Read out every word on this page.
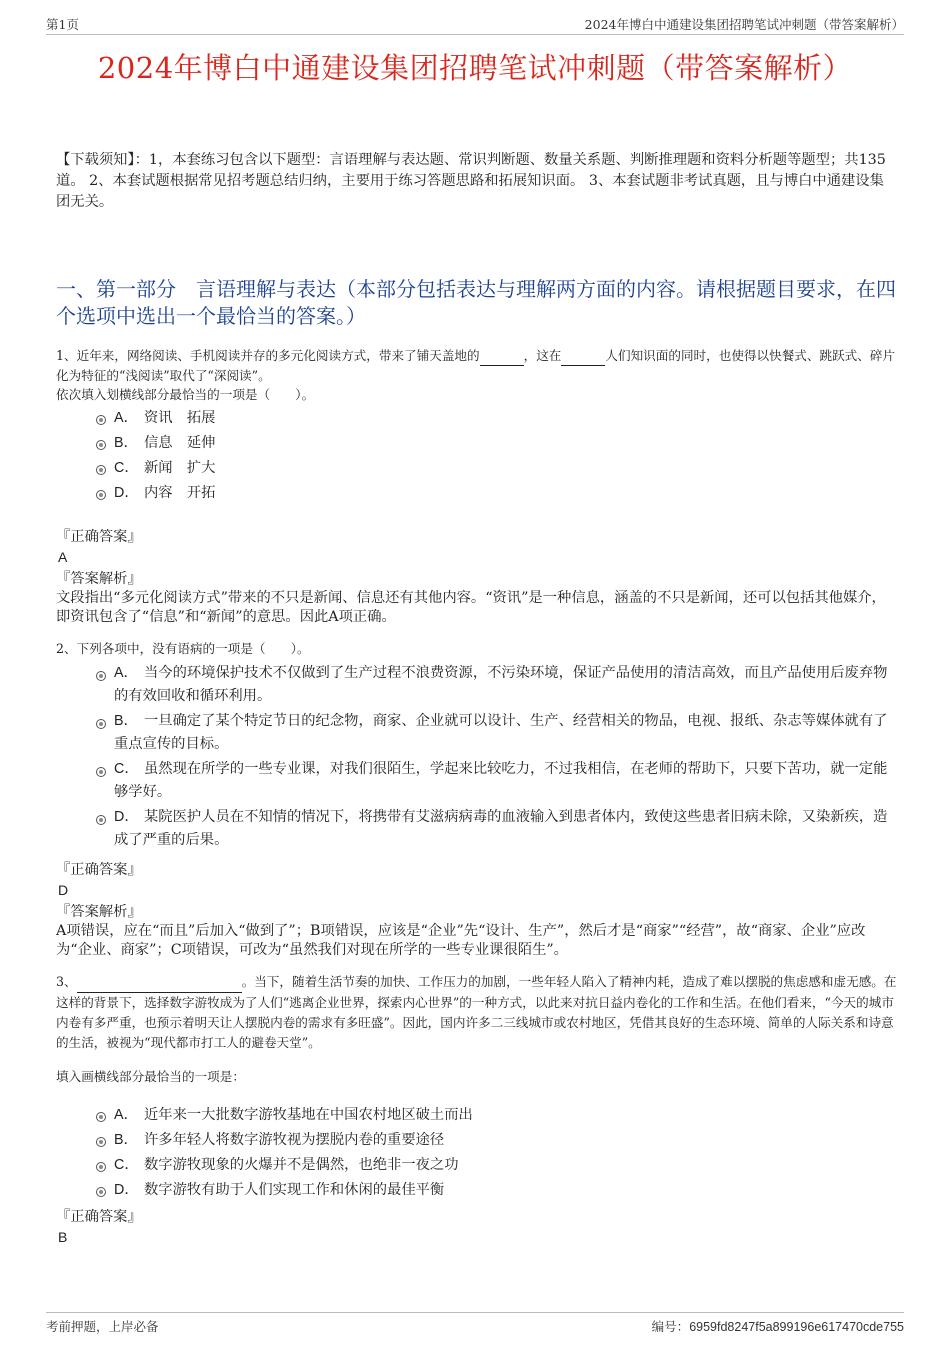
第1页	2024年博白中通建设集团招聘笔试冲刺题（带答案解析）
2024年博白中通建设集团招聘笔试冲刺题（带答案解析）
【下载须知】：1，本套练习包含以下题型：言语理解与表达题、常识判断题、数量关系题、判断推理题和资料分析题等题型；共135道。 2、本套试题根据常见招考题总结归纳，主要用于练习答题思路和拓展知识面。 3、本套试题非考试真题，且与博白中通建设集团无关。
一、第一部分　言语理解与表达（本部分包括表达与理解两方面的内容。请根据题目要求，在四个选项中选出一个最恰当的答案。）
1、近年来，网络阅读、手机阅读并存的多元化阅读方式，带来了铺天盖地的	，这在	人们知识面的同时，也使得以快餐式、跳跃式、碎片化为特征的“浅阅读”取代了“深阅读”。
依次填入划横线部分最恰当的一项是（　　）。
A． 资讯　拓展
B． 信息　延伸
C． 新闻　扩大
D． 内容　开拓
『正确答案』
A
『答案解析』
文段指出“多元化阅读方式”带来的不只是新闻、信息还有其他内容。“资讯”是一种信息，涵盖的不只是新闻，还可以包括其他媒介，即资讯包含了“信息”和“新闻”的意思。因此A项正确。
2、下列各项中，没有语病的一项是（　　）。
A． 当今的环境保护技术不仅做到了生产过程不浪费资源，不污染环境，保证产品使用的清洁高效，而且产品使用后废弃物的有效回收和循环利用。
B． 一旦确定了某个特定节日的纪念物，商家、企业就可以设计、生产、经营相关的物品，电视、报纸、杂志等媒体就有了重点宣传的目标。
C． 虽然现在所学的一些专业课，对我们很陌生，学起来比较吃力，不过我相信，在老师的帮助下，只要下苦功，就一定能够学好。
D． 某院医护人员在不知情的情况下，将携带有艾滋病病毒的血液输入到患者体内，致使这些患者旧病未除，又染新疾，造成了严重的后果。
『正确答案』
D
『答案解析』
A项错误，应在“而且”后加入“做到了”；B项错误，应该是“企业”先“设计、生产”，然后才是“商家”“经营”，故“商家、企业”应改为“企业、商家”；C项错误，可改为“虽然我们对现在所学的一些专业课很陌生”。
3、	。当下，随着生活节奏的加快、工作压力的加剧，一些年轻人陷入了精神内耗，造成了难以摆脱的焦虑感和虚无感。在这样的背景下，选择数字游牧成为了人们“逃离企业世界，探索内心世界”的一种方式，以此来对抗日益内卷化的工作和生活。在他们看来，“今天的城市内卷有多严重，也预示着明天让人摆脱内卷的需求有多旺盛”。因此，国内许多二三线城市或农村地区，凭借其良好的生态环境、简单的人际关系和诗意的生活，被视为“现代都市打工人的避卷天堂”。
填入画横线部分最恰当的一项是：
A． 近年来一大批数字游牧基地在中国农村地区破土而出
B． 许多年轻人将数字游牧视为摆脱内卷的重要途径
C． 数字游牧现象的火爆并不是偶然，也绝非一夜之功
D． 数字游牧有助于人们实现工作和休闲的最佳平衡
『正确答案』
B
考前押题，上岸必备	编号：6959fd8247f5a899196e617470cde755
